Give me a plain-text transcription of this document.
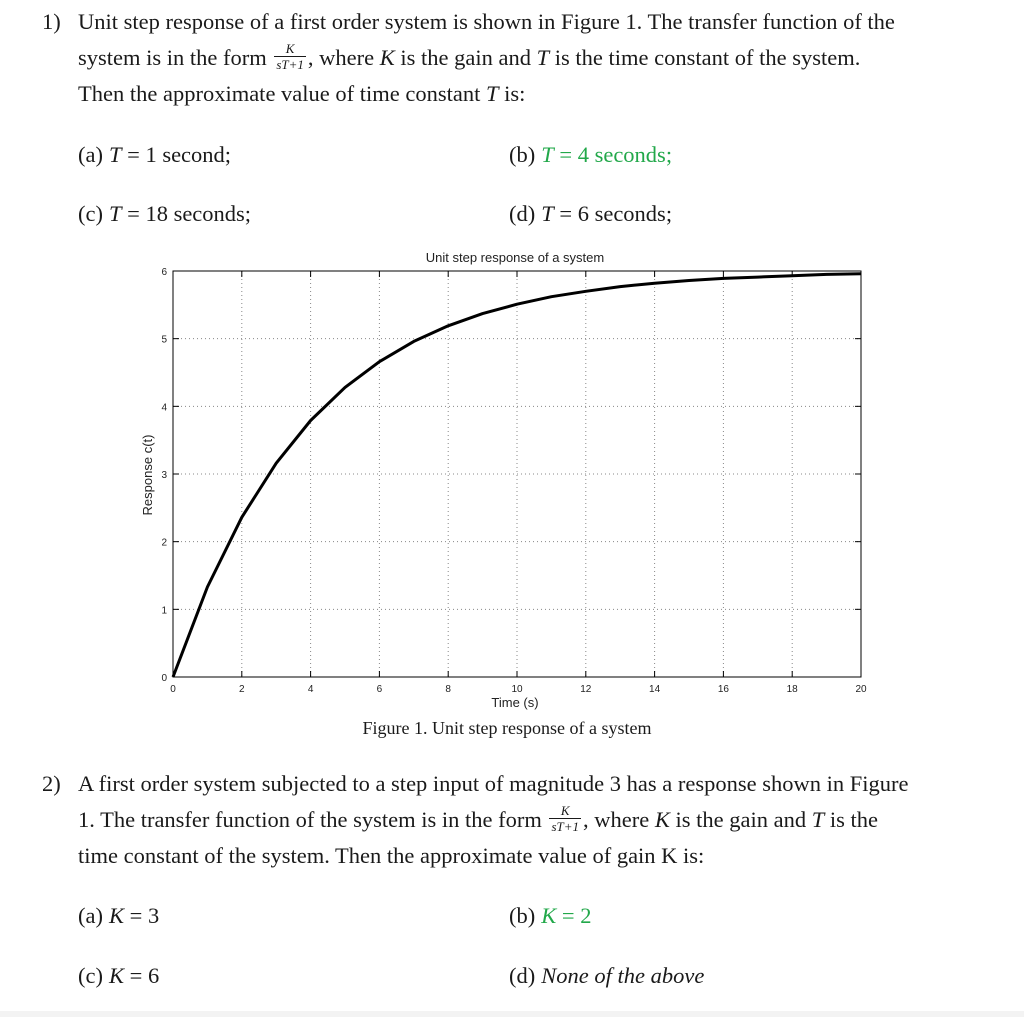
1) Unit step response of a first order system is shown in Figure 1. The transfer function of the
system is in the form $\frac{K}{sT+1}$ , where K is the gain and T is the time constant of the system.
Then the approximate value of time constant T is:
(a) T = 1 second;	(b) T = 4 seconds;
(c) T = 18 seconds;	(d) T = 6 seconds;
Unit step response of a system
Time (s)
Response c(t)
0	2	4	6	8	10	12	14	16	18	20
0
1
2
3
4
5
6
Figure 1. Unit step response of a system
2) A first order system subjected to a step input of magnitude 3 has a response shown in Figure
1. The transfer function of the system is in the form $\frac{K}{sT+1}$ , where K is the gain and T is the
time constant of the system. Then the approximate value of gain K is:
(a) K = 3	(b) K = 2
(c) K = 6	(d) None of the above
